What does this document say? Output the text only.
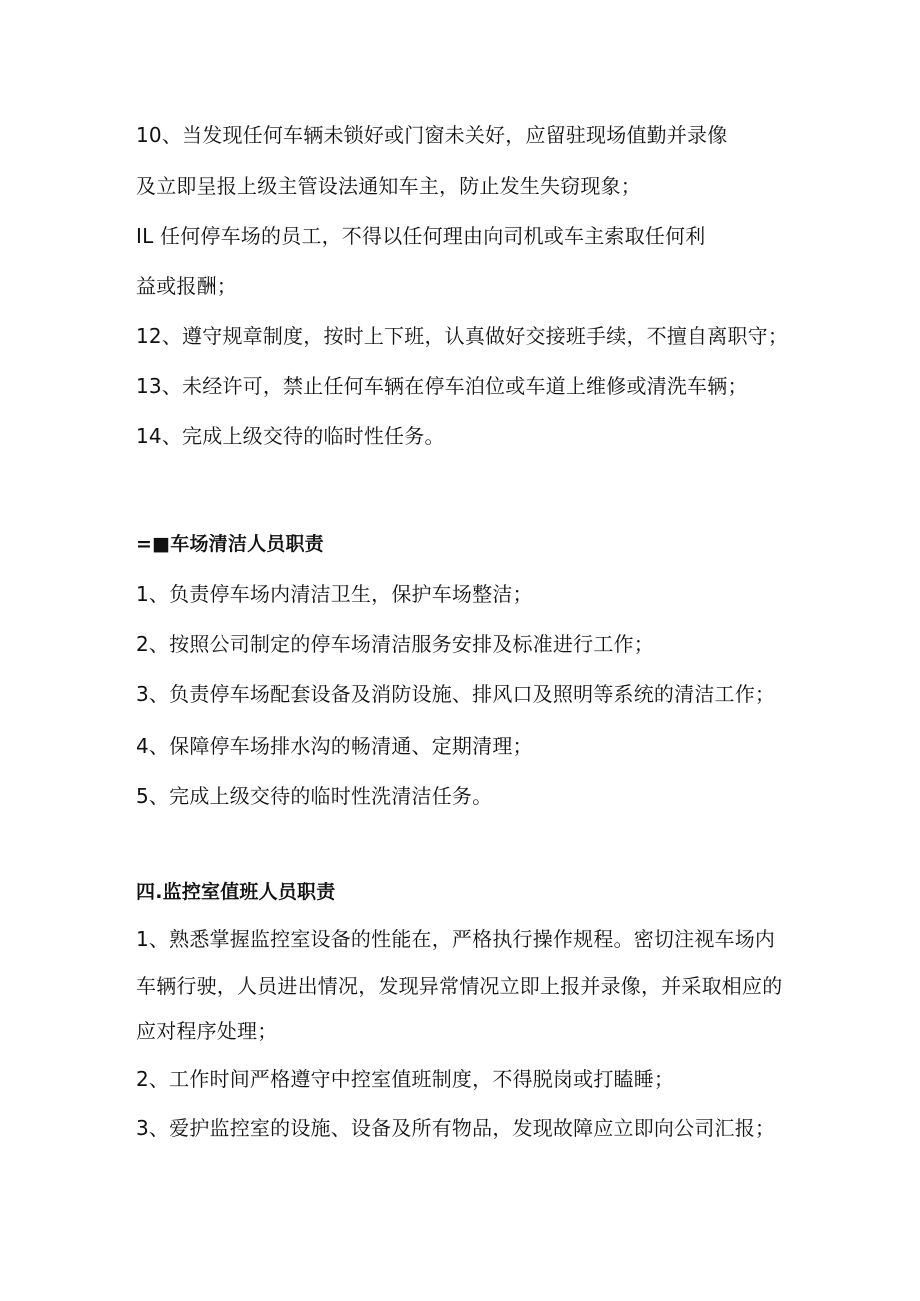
10、当发现任何车辆未锁好或门窗未关好，应留驻现场值勤并录像
及立即呈报上级主管设法通知车主，防止发生失窃现象；
IL 任何停车场的员工，不得以任何理由向司机或车主索取任何利
益或报酬；
12、遵守规章制度，按时上下班，认真做好交接班手续，不擅自离职守；
13、未经许可，禁止任何车辆在停车泊位或车道上维修或清洗车辆；
14、完成上级交待的临时性任务。
=■车场清洁人员职责
1、负责停车场内清洁卫生，保护车场整洁；
2、按照公司制定的停车场清洁服务安排及标准进行工作；
3、负责停车场配套设备及消防设施、排风口及照明等系统的清洁工作；
4、保障停车场排水沟的畅清通、定期清理；
5、完成上级交待的临时性洗清洁任务。
四.监控室值班人员职责
1、熟悉掌握监控室设备的性能在，严格执行操作规程。密切注视车场内
车辆行驶，人员进出情况，发现异常情况立即上报并录像，并采取相应的
应对程序处理；
2、工作时间严格遵守中控室值班制度，不得脱岗或打瞌睡；
3、爱护监控室的设施、设备及所有物品，发现故障应立即向公司汇报；
